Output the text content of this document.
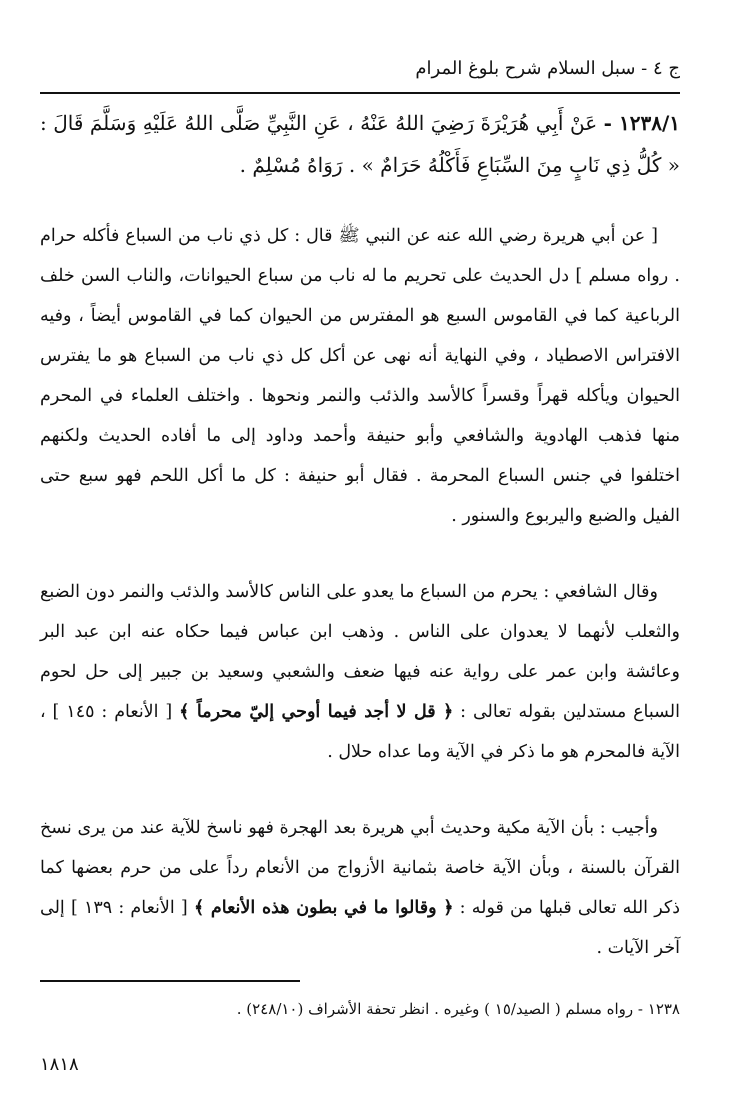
ج ٤ - سبل السلام شرح بلوغ المرام
١٢٣٨/١ - عَنْ أَبِي هُرَيْرَةَ رَضِيَ اللهُ عَنْهُ ، عَنِ النَّبِيِّ صَلَّى اللهُ عَلَيْهِ وَسَلَّمَ قَالَ : « كُلُّ ذِي نَابٍ مِنَ السِّبَاعِ فَأَكْلُهُ حَرَامٌ » . رَوَاهُ مُسْلِمٌ .
[ عن أبي هريرة رضي الله عنه عن النبي ﷺ قال : كل ذي ناب من السباع فأكله حرام . رواه مسلم ] دل الحديث على تحريم ما له ناب من سباع الحيوانات، والناب السن خلف الرباعية كما في القاموس السبع هو المفترس من الحيوان كما في القاموس أيضاً ، وفيه الافتراس الاصطياد ، وفي النهاية أنه نهى عن أكل كل ذي ناب من السباع هو ما يفترس الحيوان ويأكله قهراً وقسراً كالأسد والذئب والنمر ونحوها . واختلف العلماء في المحرم منها فذهب الهادوية والشافعي وأبو حنيفة وأحمد وداود إلى ما أفاده الحديث ولكنهم اختلفوا في جنس السباع المحرمة . فقال أبو حنيفة : كل ما أكل اللحم فهو سبع حتى الفيل والضبع واليربوع والسنور .
وقال الشافعي : يحرم من السباع ما يعدو على الناس كالأسد والذئب والنمر دون الضبع والثعلب لأنهما لا يعدوان على الناس . وذهب ابن عباس فيما حكاه عنه ابن عبد البر وعائشة وابن عمر على رواية عنه فيها ضعف والشعبي وسعيد بن جبير إلى حل لحوم السباع مستدلين بقوله تعالى : ﴿ قل لا أجد فيما أوحي إليّ محرماً ﴾ [ الأنعام : ١٤٥ ] ، الآية فالمحرم هو ما ذكر في الآية وما عداه حلال .
وأجيب : بأن الآية مكية وحديث أبي هريرة بعد الهجرة فهو ناسخ للآية عند من يرى نسخ القرآن بالسنة ، وبأن الآية خاصة بثمانية الأزواج من الأنعام رداً على من حرم بعضها كما ذكر الله تعالى قبلها من قوله : ﴿ وقالوا ما في بطون هذه الأنعام ﴾ [ الأنعام : ١٣٩ ] إلى آخر الآيات .
١٢٣٨ - رواه مسلم ( الصيد/١٥ ) وغيره . انظر تحفة الأشراف (٢٤٨/١٠) .
١٨١٨
